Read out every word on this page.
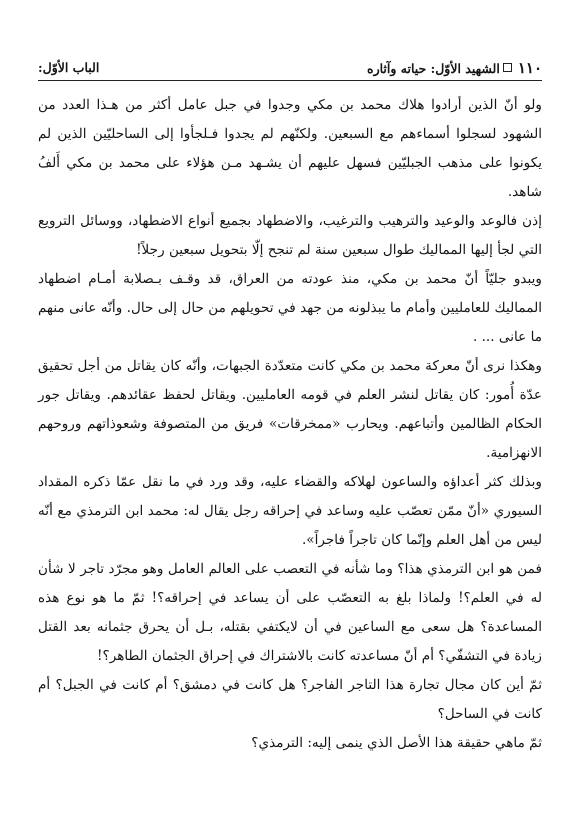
١١٠الشهيد الأوّل: حياته وآثاره
الباب الأوّل:

ولو أنّ الذين أرادوا هلاك محمد بن مكي وجدوا في جبل عامل أكثر من هـذا العدد من الشهود لسجلوا أسماءهم مع السبعين. ولكنّهم لم يجدوا فـلجأوا إلى الساحليّين الذين لم يكونوا على مذهب الجبليّين فسهل عليهم أن يشـهد مـن هؤلاء على محمد بن مكي أَلفُ شاهد.

إذن فالوعد والوعيد والترهيب والترغيب، والاضطهاد بجميع أنواع الاضطهاد، ووسائل الترويع التي لجأ إليها المماليك طوال سبعين سنة لم تنجح إلّا بتحويل سبعين رجلاً!

ويبدو جليّاً أنّ محمد بن مكي، منذ عودته من العراق، قد وقـف بـصلابة أمـام اضطهاد المماليك للعامليين وأمام ما يبذلونه من جهد في تحويلهم من حال إلى حال. وأنّه عانى منهم ما عانى ... .

وهكذا نرى أنّ معركة محمد بن مكي كانت متعدّدة الجبهات، وأنّه كان يقاتل من أجل تحقيق عدّة أُمور: كان يقاتل لنشر العلم في قومه العامليين. ويقاتل لحفظ عقائدهم. ويقاتل جور الحكام الظالمين وأتباعهم. ويحارب «ممخرقات» فريق من المتصوفة وشعوذاتهم وروحهم الانهزامية.

وبذلك كثر أعداؤه والساعون لهلاكه والقضاء عليه، وقد ورد في ما نقل عمّا ذكره المقداد السيوري «أنّ ممّن تعصّب عليه وساعد في إحراقه رجل يقال له: محمد ابن الترمذي مع أنّه ليس من أهل العلم وإنّما كان تاجراً فاجراً».

فمن هو ابن الترمذي هذا؟ وما شأنه في التعصب على العالم العامل وهو مجرّد تاجر لا شأن له في العلم؟! ولماذا بلغ به التعصّب على أن يساعد في إحراقه؟! ثمّ ما هو نوع هذه المساعدة؟ هل سعى مع الساعين في أن لايكتفي بقتله، بـل أن يحرق جثمانه بعد القتل زيادة في التشفّي؟ أم أنّ مساعدته كانت بالاشتراك في إحراق الجثمان الطاهر؟!

ثمّ أين كان مجال تجارة هذا التاجر الفاجر؟ هل كانت في دمشق؟ أم كانت في الجبل؟ أم كانت في الساحل؟

ثمّ ماهي حقيقة هذا الأصل الذي ينمى إليه: الترمذي؟
